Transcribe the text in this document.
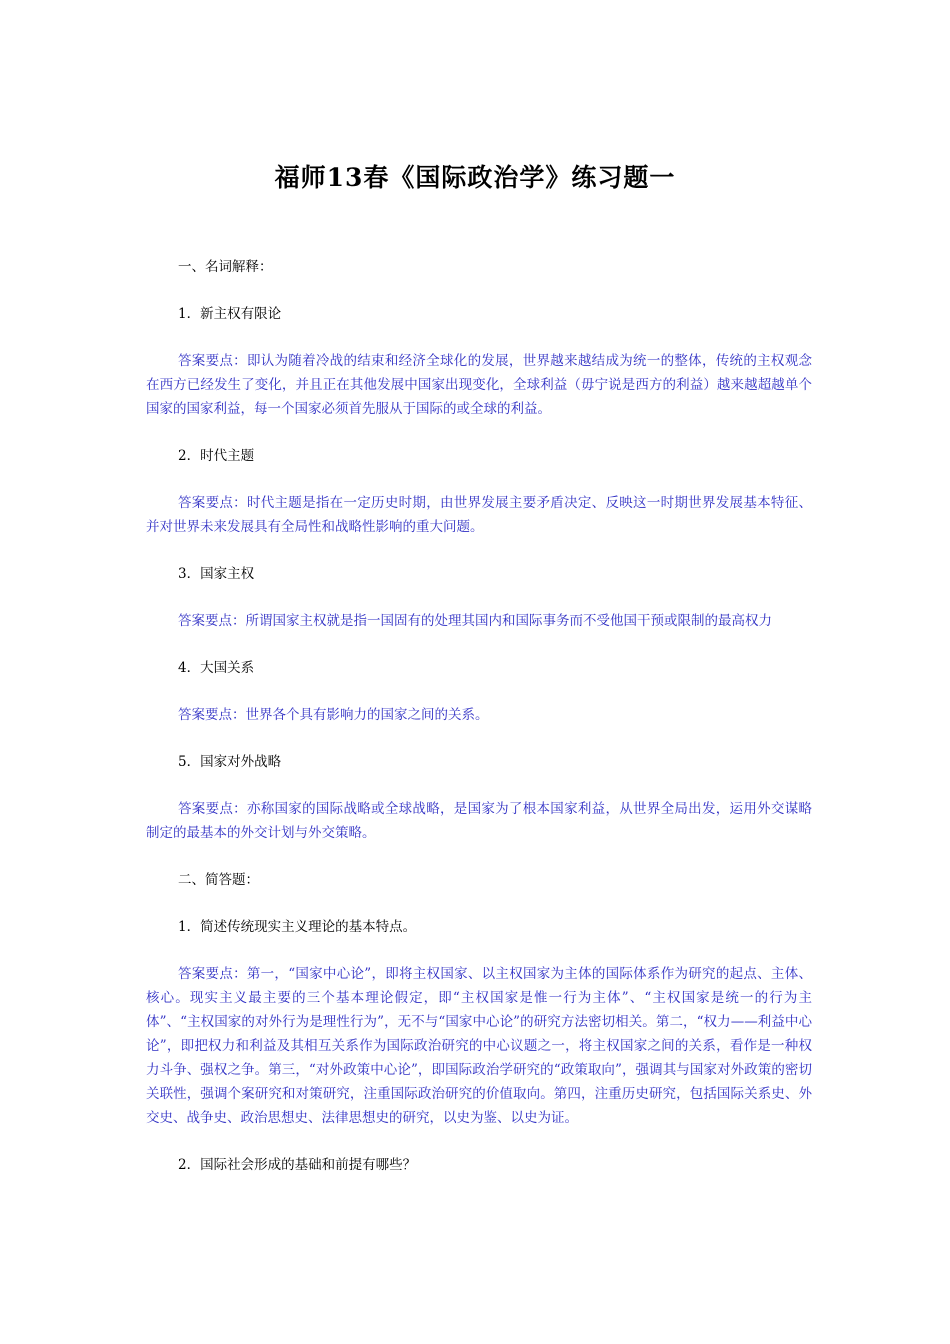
福师13春《国际政治学》练习题一

一、名词解释：

1．新主权有限论

答案要点：即认为随着冷战的结束和经济全球化的发展，世界越来越结成为统一的整体，传统的主权观念在西方已经发生了变化，并且正在其他发展中国家出现变化，全球利益（毋宁说是西方的利益）越来越超越单个国家的国家利益，每一个国家必须首先服从于国际的或全球的利益。

2．时代主题

答案要点：时代主题是指在一定历史时期，由世界发展主要矛盾决定、反映这一时期世界发展基本特征、并对世界未来发展具有全局性和战略性影响的重大问题。

3．国家主权

答案要点：所谓国家主权就是指一国固有的处理其国内和国际事务而不受他国干预或限制的最高权力

4．大国关系

答案要点：世界各个具有影响力的国家之间的关系。

5．国家对外战略

答案要点：亦称国家的国际战略或全球战略，是国家为了根本国家利益，从世界全局出发，运用外交谋略制定的最基本的外交计划与外交策略。

二、简答题：

1．简述传统现实主义理论的基本特点。

答案要点：第一，“国家中心论”，即将主权国家、以主权国家为主体的国际体系作为研究的起点、主体、核心。现实主义最主要的三个基本理论假定，即“主权国家是惟一行为主体”、“主权国家是统一的行为主体”、“主权国家的对外行为是理性行为”，无不与“国家中心论”的研究方法密切相关。第二，“权力——利益中心论”，即把权力和利益及其相互关系作为国际政治研究的中心议题之一，将主权国家之间的关系，看作是一种权力斗争、强权之争。第三，“对外政策中心论”，即国际政治学研究的“政策取向”，强调其与国家对外政策的密切关联性，强调个案研究和对策研究，注重国际政治研究的价值取向。第四，注重历史研究，包括国际关系史、外交史、战争史、政治思想史、法律思想史的研究，以史为鉴、以史为证。

2．国际社会形成的基础和前提有哪些？
